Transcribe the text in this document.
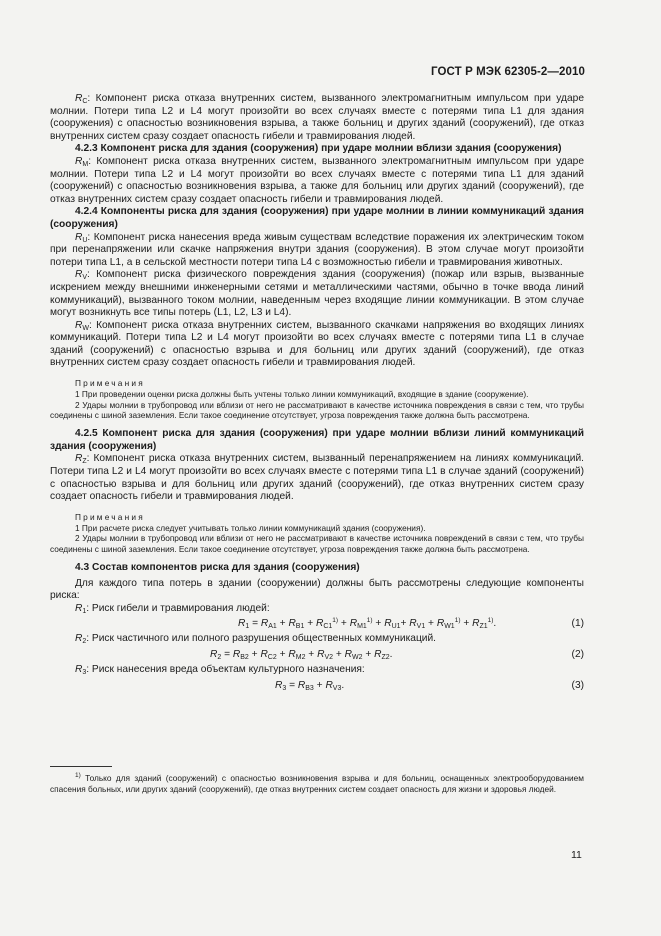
ГОСТ Р МЭК 62305-2—2010

$R_C$: Компонент риска отказа внутренних систем, вызванного электромагнитным импульсом при ударе молнии. Потери типа L2 и L4 могут произойти во всех случаях вместе с потерями типа L1 для здания (сооружения) с опасностью возникновения взрыва, а также больниц и других зданий (сооружений), где отказ внутренних систем сразу создает опасность гибели и травмирования людей.

4.2.3 Компонент риска для здания (сооружения) при ударе молнии вблизи здания (сооружения)

$R_M$: Компонент риска отказа внутренних систем, вызванного электромагнитным импульсом при ударе молнии. Потери типа L2 и L4 могут произойти во всех случаях вместе с потерями типа L1 для зданий (сооружений) с опасностью возникновения взрыва, а также для больниц или других зданий (сооружений), где отказ внутренних систем сразу создает опасность гибели и травмирования людей.

4.2.4 Компоненты риска для здания (сооружения) при ударе молнии в линии коммуникаций здания (сооружения)

$R_U$: Компонент риска нанесения вреда живым существам вследствие поражения их электрическим током при перенапряжении или скачке напряжения внутри здания (сооружения). В этом случае могут произойти потери типа L1, а в сельской местности потери типа L4 с возможностью гибели и травмирования животных.

$R_V$: Компонент риска физического повреждения здания (сооружения) (пожар или взрыв, вызванные искрением между внешними инженерными сетями и металлическими частями, обычно в точке ввода линий коммуникаций), вызванного током молнии, наведенным через входящие линии коммуникации. В этом случае могут возникнуть все типы потерь (L1, L2, L3 и L4).

$R_W$: Компонент риска отказа внутренних систем, вызванного скачками напряжения во входящих линиях коммуникаций. Потери типа L2 и L4 могут произойти во всех случаях вместе с потерями типа L1 в случае зданий (сооружений) с опасностью взрыва и для больниц или других зданий (сооружений), где отказ внутренних систем сразу создает опасность гибели и травмирования людей.

Примечания

1 При проведении оценки риска должны быть учтены только линии коммуникаций, входящие в здание (сооружение).

2 Удары молнии в трубопровод или вблизи от него не рассматривают в качестве источника повреждения в связи с тем, что трубы соединены с шиной заземления. Если такое соединение отсутствует, угроза повреждения также должна быть рассмотрена.

4.2.5 Компонент риска для здания (сооружения) при ударе молнии вблизи линий коммуникаций здания (сооружения)

$R_Z$: Компонент риска отказа внутренних систем, вызванный перенапряжением на линиях коммуникаций. Потери типа L2 и L4 могут произойти во всех случаях вместе с потерями типа L1 в случае зданий (сооружений) с опасностью взрыва и для больниц или других зданий (сооружений), где отказ внутренних систем сразу создает опасность гибели и травмирования людей.

Примечания

1 При расчете риска следует учитывать только линии коммуникаций здания (сооружения).

2 Удары молнии в трубопровод или вблизи от него не рассматривают в качестве источника повреждений в связи с тем, что трубы соединены с шиной заземления. Если такое соединение отсутствует, угроза повреждения также должна быть рассмотрена.

4.3 Состав компонентов риска для здания (сооружения)

Для каждого типа потерь в здании (сооружении) должны быть рассмотрены следующие компоненты риска:

$R_1$: Риск гибели и травмирования людей:

$R_1 = R_{A1} + R_{B1} + R_{C1}^{1)} + R_{M1}^{1)} + R_{U1}+ R_{V1} + R_{W1}^{1)} + R_{Z1}^{1)}$.	(1)

$R_2$: Риск частичного или полного разрушения общественных коммуникаций.

$R_2 = R_{B2} + R_{C2} + R_{M2} + R_{V2} + R_{W2} + R_{Z2}$.	(2)

$R_3$: Риск нанесения вреда объектам культурного назначения:

$R_3 = R_{B3} + R_{V3}$.	(3)
$^{1)}$ Только для зданий (сооружений) с опасностью возникновения взрыва и для больниц, оснащенных электрооборудованием спасения больных, или других зданий (сооружений), где отказ внутренних систем создает опасность для жизни и здоровья людей.
11
